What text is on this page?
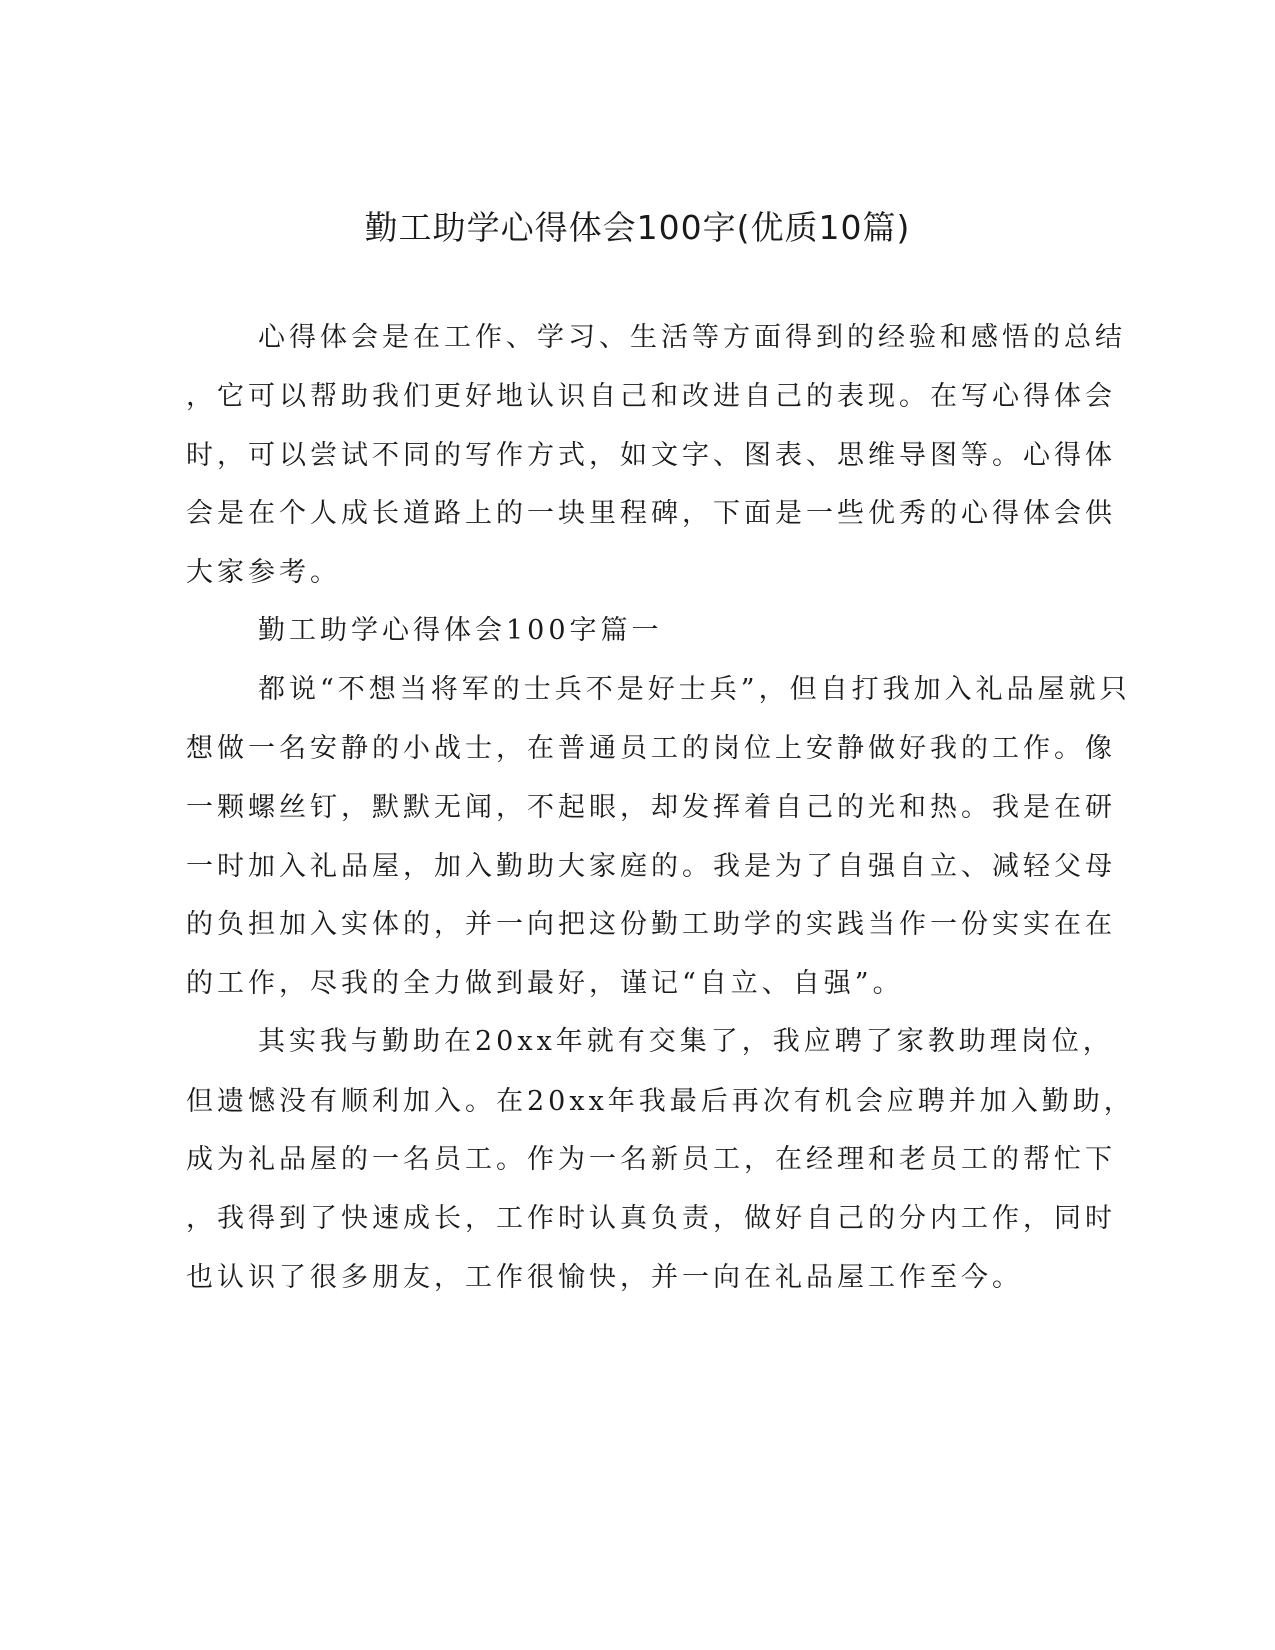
勤工助学心得体会100字(优质10篇)
心得体会是在工作、学习、生活等方面得到的经验和感悟的总结
，它可以帮助我们更好地认识自己和改进自己的表现。在写心得体会
时，可以尝试不同的写作方式，如文字、图表、思维导图等。心得体
会是在个人成长道路上的一块里程碑，下面是一些优秀的心得体会供
大家参考。
勤工助学心得体会100字篇一
都说“不想当将军的士兵不是好士兵”，但自打我加入礼品屋就只
想做一名安静的小战士，在普通员工的岗位上安静做好我的工作。像
一颗螺丝钉，默默无闻，不起眼，却发挥着自己的光和热。我是在研
一时加入礼品屋，加入勤助大家庭的。我是为了自强自立、减轻父母
的负担加入实体的，并一向把这份勤工助学的实践当作一份实实在在
的工作，尽我的全力做到最好，谨记“自立、自强”。
其实我与勤助在20xx年就有交集了，我应聘了家教助理岗位，
但遗憾没有顺利加入。在20xx年我最后再次有机会应聘并加入勤助，
成为礼品屋的一名员工。作为一名新员工，在经理和老员工的帮忙下
，我得到了快速成长，工作时认真负责，做好自己的分内工作，同时
也认识了很多朋友，工作很愉快，并一向在礼品屋工作至今。
